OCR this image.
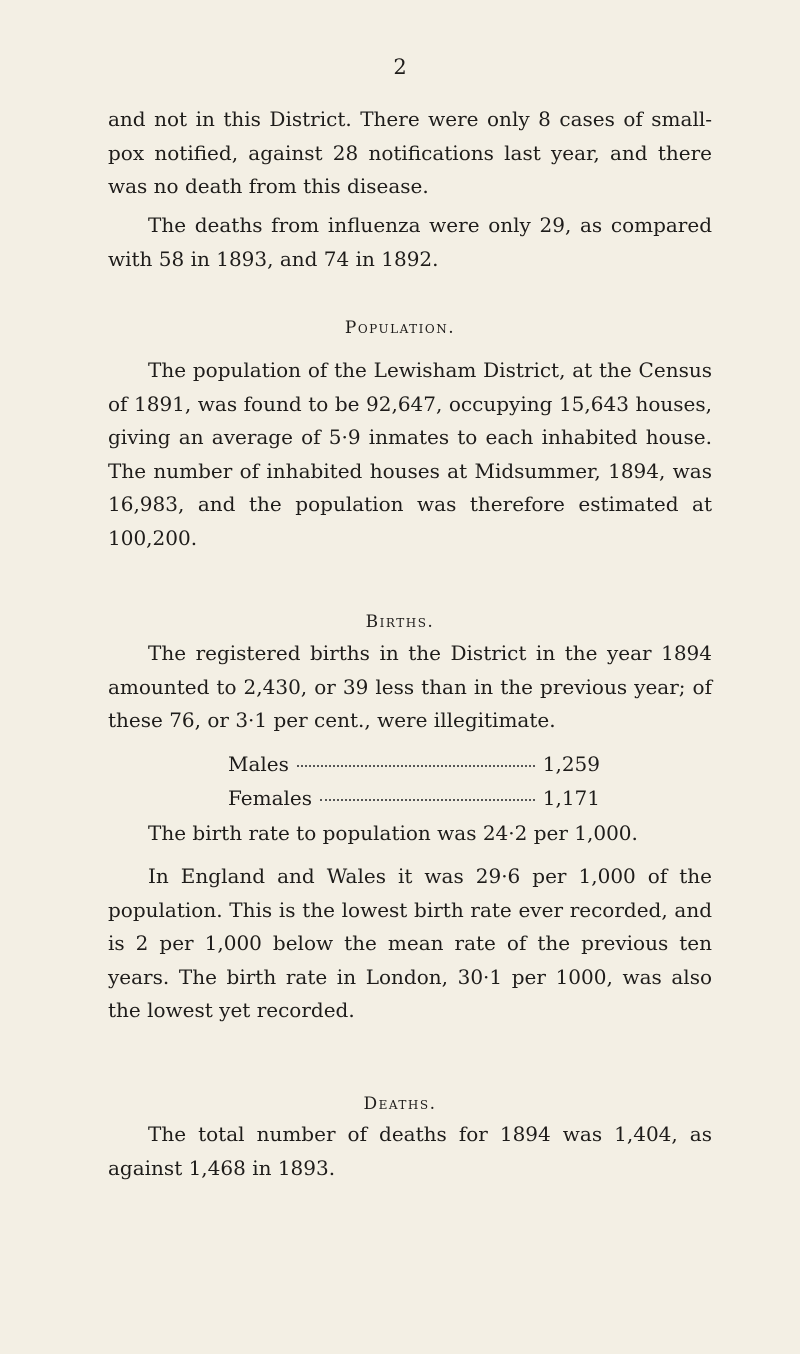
2

and not in this District. There were only 8 cases of small-pox notified, against 28 notifications last year, and there was no death from this disease.

The deaths from influenza were only 29, as compared with 58 in 1893, and 74 in 1892.

Population.

The population of the Lewisham District, at the Census of 1891, was found to be 92,647, occupying 15,643 houses, giving an average of 5·9 inmates to each inhabited house. The number of inhabited houses at Midsummer, 1894, was 16,983, and the population was therefore estimated at 100,200.

Births.

The registered births in the District in the year 1894 amounted to 2,430, or 39 less than in the previous year; of these 76, or 3·1 per cent., were illegitimate.

Males	1,259
Females	1,171

The birth rate to population was 24·2 per 1,000.

In England and Wales it was 29·6 per 1,000 of the population. This is the lowest birth rate ever recorded, and is 2 per 1,000 below the mean rate of the previous ten years. The birth rate in London, 30·1 per 1000, was also the lowest yet recorded.

Deaths.

The total number of deaths for 1894 was 1,404, as against 1,468 in 1893.
